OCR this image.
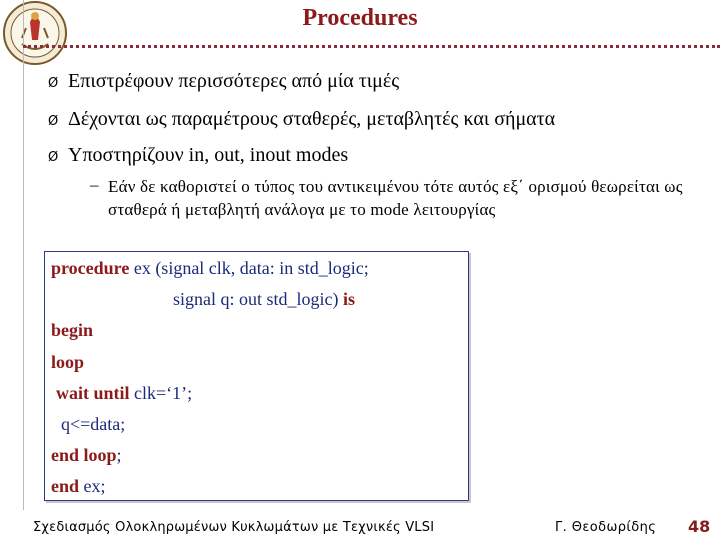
Procedures
Ø Επιστρέφουν περισσότερες από μία τιμές
Ø Δέχονται ως παραμέτρους σταθερές, μεταβλητές και σήματα
Ø Υποστηρίζουν in, out, inout modes
– Εάν δε καθοριστεί ο τύπος του αντικειμένου τότε αυτός εξ΄ ορισμού θεωρείται ως σταθερά ή μεταβλητή ανάλογα με το mode λειτουργίας
procedure ex (signal clk, data: in std_logic;
signal q: out std_logic) is
begin
loop
wait until clk=‘1’;
q<=data;
end loop;
end ex;
Σχεδιασμός Ολοκληρωμένων Κυκλωμάτων με Τεχνικές VLSI	Γ. Θεοδωρίδης 48
